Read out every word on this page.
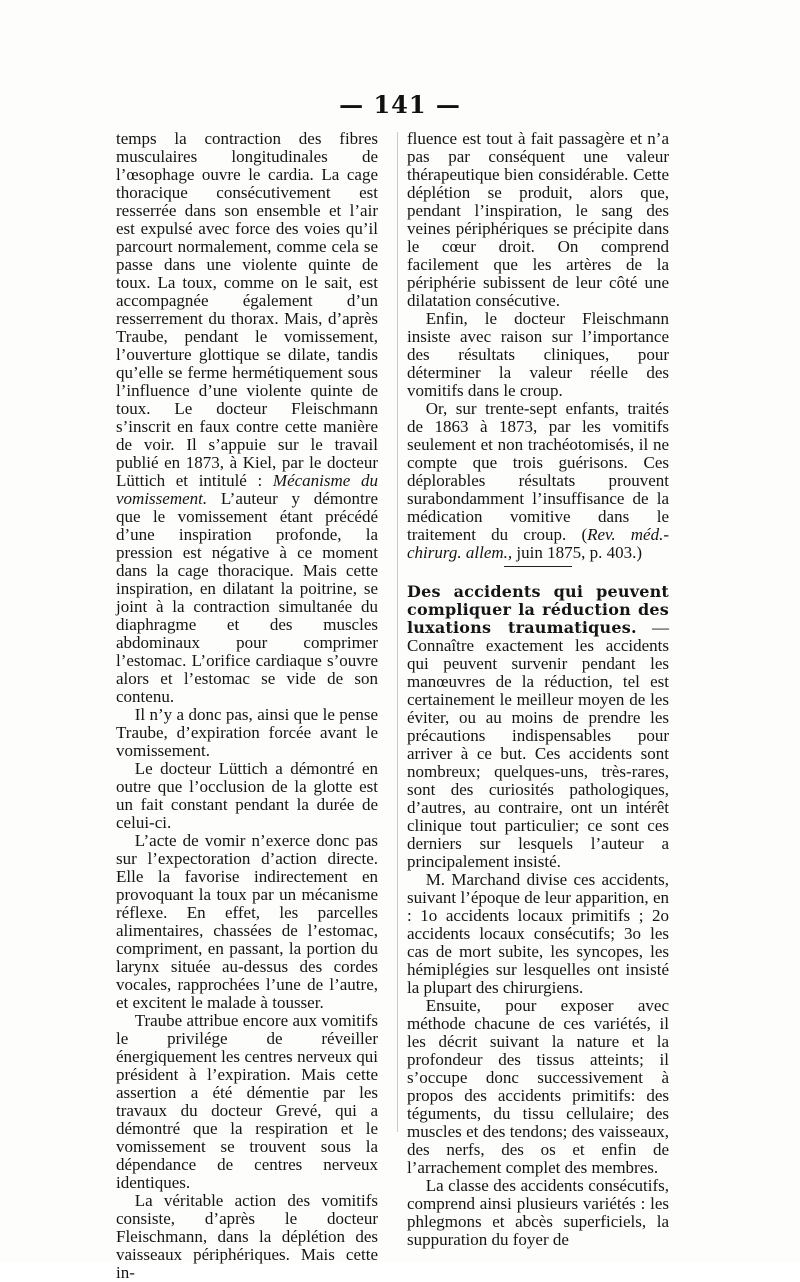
— 141 —

temps la contraction des fibres musculaires longitudinales de l’œsophage ouvre le cardia. La cage thoracique consécutivement est resserrée dans son ensemble et l’air est expulsé avec force des voies qu’il parcourt normalement, comme cela se passe dans une violente quinte de toux. La toux, comme on le sait, est accompagnée également d’un resserrement du thorax. Mais, d’après Traube, pendant le vomissement, l’ouverture glottique se dilate, tandis qu’elle se ferme hermétiquement sous l’influence d’une violente quinte de toux. Le docteur Fleischmann s’inscrit en faux contre cette manière de voir. Il s’appuie sur le travail publié en 1873, à Kiel, par le docteur Lüttich et intitulé : Mécanisme du vomissement. L’auteur y démontre que le vomissement étant précédé d’une inspiration profonde, la pression est négative à ce moment dans la cage thoracique. Mais cette inspiration, en dilatant la poitrine, se joint à la contraction simultanée du diaphragme et des muscles abdominaux pour comprimer l’estomac. L’orifice cardiaque s’ouvre alors et l’estomac se vide de son contenu.

Il n’y a donc pas, ainsi que le pense Traube, d’expiration forcée avant le vomissement.

Le docteur Lüttich a démontré en outre que l’occlusion de la glotte est un fait constant pendant la durée de celui-ci.

L’acte de vomir n’exerce donc pas sur l’expectoration d’action directe. Elle la favorise indirectement en provoquant la toux par un mécanisme réflexe. En effet, les parcelles alimentaires, chassées de l’estomac, compriment, en passant, la portion du larynx située au-dessus des cordes vocales, rapprochées l’une de l’autre, et excitent le malade à tousser.

Traube attribue encore aux vomitifs le privilége de réveiller énergiquement les centres nerveux qui président à l’expiration. Mais cette assertion a été démentie par les travaux du docteur Grevé, qui a démontré que la respiration et le vomissement se trouvent sous la dépendance de centres nerveux identiques.

La véritable action des vomitifs consiste, d’après le docteur Fleischmann, dans la déplétion des vaisseaux périphériques. Mais cette in-

fluence est tout à fait passagère et n’a pas par conséquent une valeur thérapeutique bien considérable. Cette déplétion se produit, alors que, pendant l’inspiration, le sang des veines périphériques se précipite dans le cœur droit. On comprend facilement que les artères de la périphérie subissent de leur côté une dilatation consécutive.

Enfin, le docteur Fleischmann insiste avec raison sur l’importance des résultats cliniques, pour déterminer la valeur réelle des vomitifs dans le croup.

Or, sur trente-sept enfants, traités de 1863 à 1873, par les vomitifs seulement et non trachéotomisés, il ne compte que trois guérisons. Ces déplorables résultats prouvent surabondamment l’insuffisance de la médication vomitive dans le traitement du croup. (Rev. méd.-chirurg. allem., juin 1875, p. 403.)

Des accidents qui peuvent compliquer la réduction des luxations traumatiques. — Connaître exactement les accidents qui peuvent survenir pendant les manœuvres de la réduction, tel est certainement le meilleur moyen de les éviter, ou au moins de prendre les précautions indispensables pour arriver à ce but. Ces accidents sont nombreux; quelques-uns, très-rares, sont des curiosités pathologiques, d’autres, au contraire, ont un intérêt clinique tout particulier; ce sont ces derniers sur lesquels l’auteur a principalement insisté.

M. Marchand divise ces accidents, suivant l’époque de leur apparition, en : 1o accidents locaux primitifs ; 2o accidents locaux consécutifs; 3o les cas de mort subite, les syncopes, les hémiplégies sur lesquelles ont insisté la plupart des chirurgiens.

Ensuite, pour exposer avec méthode chacune de ces variétés, il les décrit suivant la nature et la profondeur des tissus atteints; il s’occupe donc successivement à propos des accidents primitifs: des téguments, du tissu cellulaire; des muscles et des tendons; des vaisseaux, des nerfs, des os et enfin de l’arrachement complet des membres.

La classe des accidents consécutifs, comprend ainsi plusieurs variétés : les phlegmons et abcès superficiels, la suppuration du foyer de
